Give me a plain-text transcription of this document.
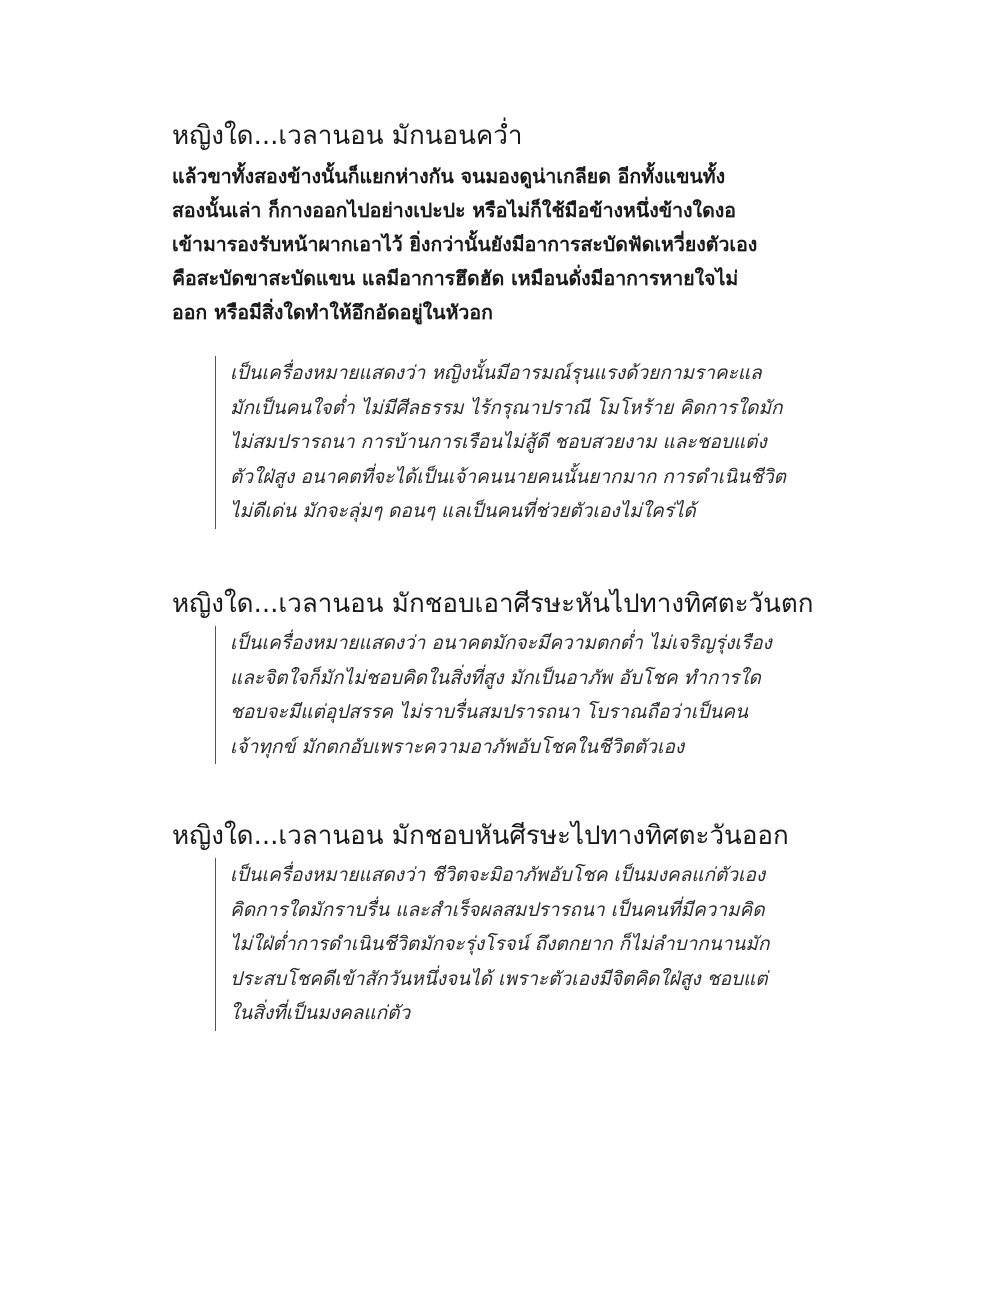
หญิงใด...เวลานอน มักนอนคว่ำ
แล้วขาทั้งสองข้างนั้นก็แยกห่างกัน จนมองดูน่าเกลียด อีกทั้งแขนทั้ง
สองนั้นเล่า ก็กางออกไปอย่างเปะปะ หรือไม่ก็ใช้มือข้างหนึ่งข้างใดงอ
เข้ามารองรับหน้าผากเอาไว้ ยิ่งกว่านั้นยังมีอาการสะบัดฟัดเหวี่ยงตัวเอง
คือสะบัดขาสะบัดแขน แลมีอาการฮึดฮัด เหมือนดั่งมีอาการหายใจไม่
ออก หรือมีสิ่งใดทำให้อึกอัดอยู่ในหัวอก
เป็นเครื่องหมายแสดงว่า หญิงนั้นมีอารมณ์รุนแรงด้วยกามราคะแล
มักเป็นคนใจต่ำ ไม่มีศีลธรรม ไร้กรุณาปราณี โมโหร้าย คิดการใดมัก
ไม่สมปรารถนา การบ้านการเรือนไม่สู้ดี ชอบสวยงาม และชอบแต่ง
ตัวใฝ่สูง อนาคตที่จะได้เป็นเจ้าคนนายคนนั้นยากมาก การดำเนินชีวิต
ไม่ดีเด่น มักจะลุ่มๆ ดอนๆ แลเป็นคนที่ช่วยตัวเองไม่ใคร่ได้
หญิงใด...เวลานอน มักชอบเอาศีรษะหันไปทางทิศตะวันตก
เป็นเครื่องหมายแสดงว่า อนาคตมักจะมีความตกต่ำ ไม่เจริญรุ่งเรือง
และจิตใจก็มักไม่ชอบคิดในสิ่งที่สูง มักเป็นอาภัพ อับโชค ทำการใด
ชอบจะมีแต่อุปสรรค ไม่ราบรื่นสมปรารถนา โบราณถือว่าเป็นคน
เจ้าทุกข์ มักตกอับเพราะความอาภัพอับโชคในชีวิตตัวเอง
หญิงใด...เวลานอน มักชอบหันศีรษะไปทางทิศตะวันออก
เป็นเครื่องหมายแสดงว่า ชีวิตจะมิอาภัพอับโชค เป็นมงคลแก่ตัวเอง
คิดการใดมักราบรื่น และสำเร็จผลสมปรารถนา เป็นคนที่มีความคิด
ไม่ใฝ่ต่ำการดำเนินชีวิตมักจะรุ่งโรจน์ ถึงตกยาก ก็ไม่ลำบากนานมัก
ประสบโชคดีเข้าสักวันหนึ่งจนได้ เพราะตัวเองมีจิตคิดใฝ่สูง ชอบแต่
ในสิ่งที่เป็นมงคลแก่ตัว
